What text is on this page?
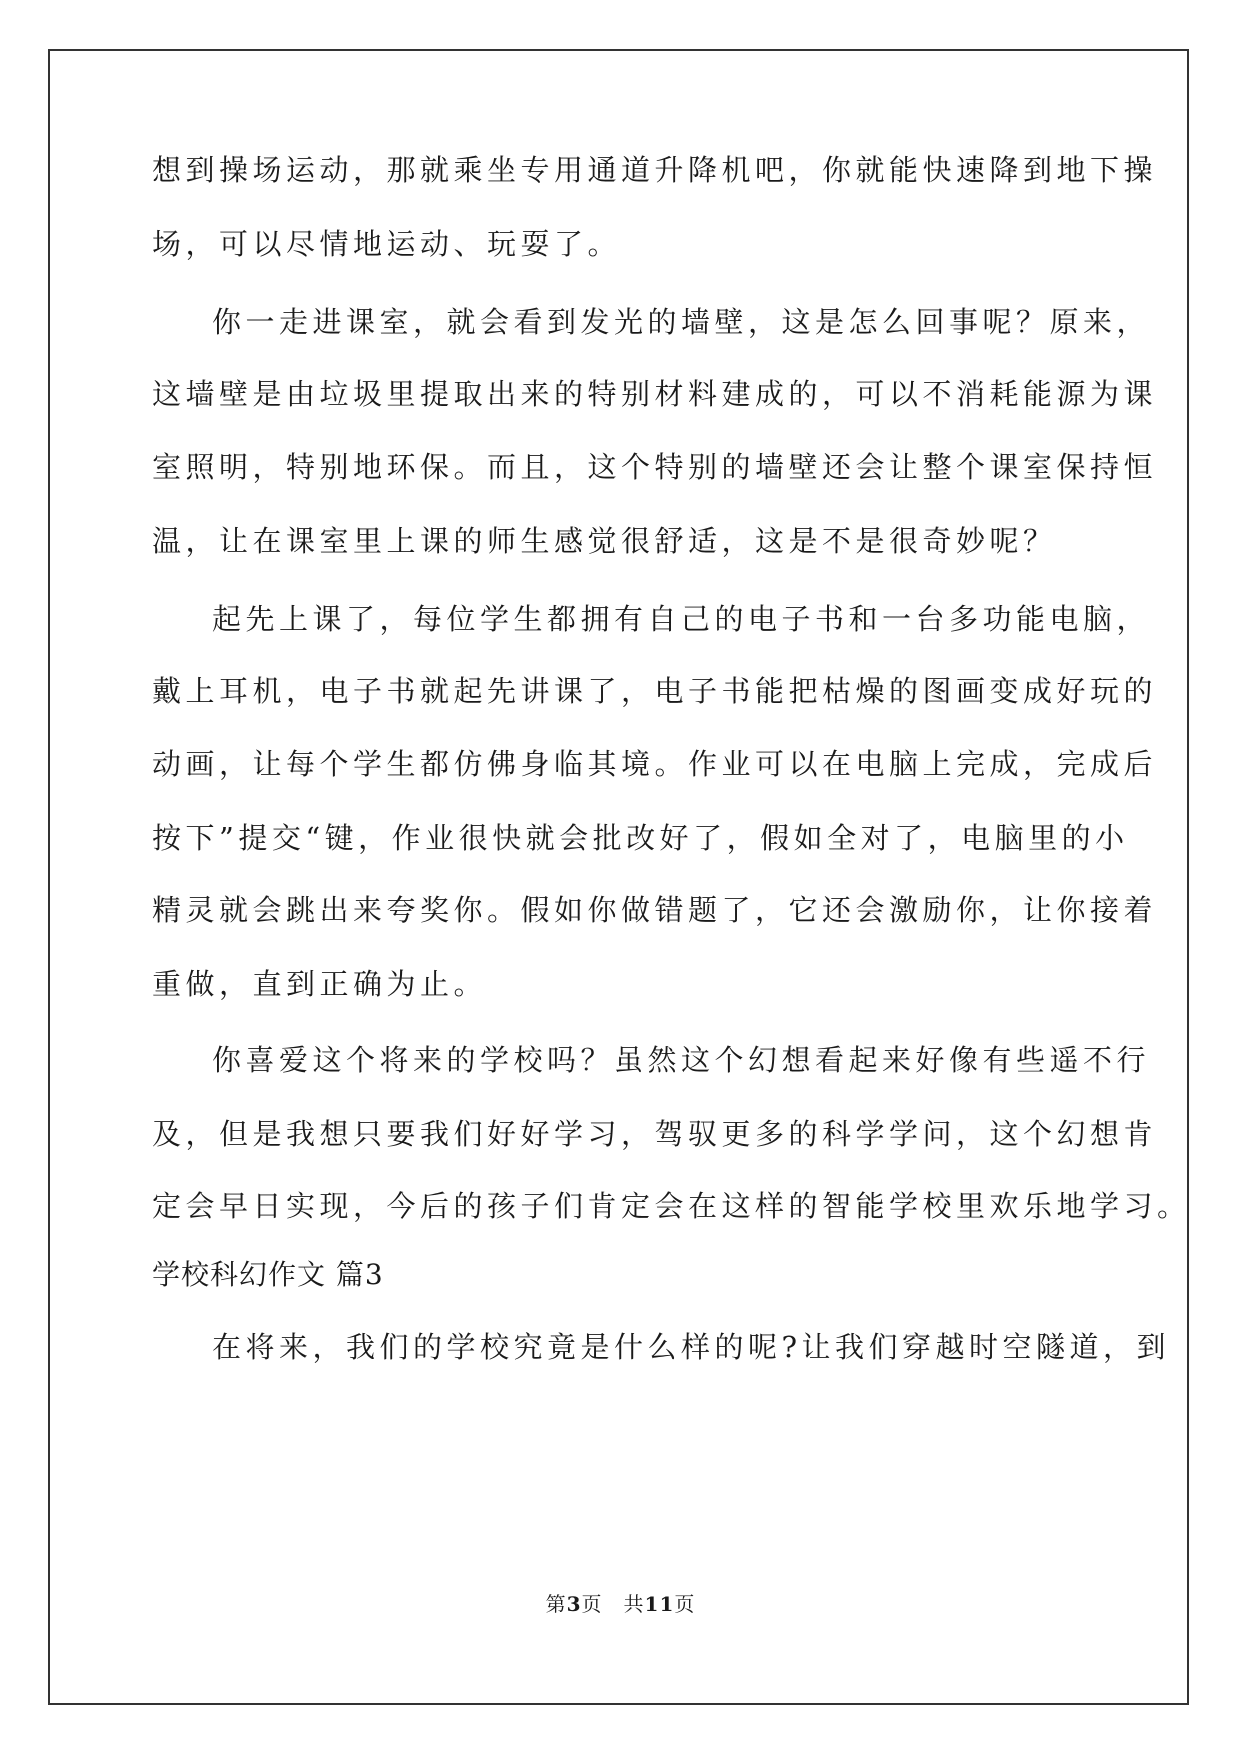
想到操场运动，那就乘坐专用通道升降机吧，你就能快速降到地下操
场，可以尽情地运动、玩耍了。
你一走进课室，就会看到发光的墙壁，这是怎么回事呢？原来，
这墙壁是由垃圾里提取出来的特别材料建成的，可以不消耗能源为课
室照明，特别地环保。而且，这个特别的墙壁还会让整个课室保持恒
温，让在课室里上课的师生感觉很舒适，这是不是很奇妙呢？
起先上课了，每位学生都拥有自己的电子书和一台多功能电脑，
戴上耳机，电子书就起先讲课了，电子书能把枯燥的图画变成好玩的
动画，让每个学生都仿佛身临其境。作业可以在电脑上完成，完成后
按下”提交“键，作业很快就会批改好了，假如全对了，电脑里的小
精灵就会跳出来夸奖你。假如你做错题了，它还会激励你，让你接着
重做，直到正确为止。
你喜爱这个将来的学校吗？虽然这个幻想看起来好像有些遥不行
及，但是我想只要我们好好学习，驾驭更多的科学学问，这个幻想肯
定会早日实现，今后的孩子们肯定会在这样的智能学校里欢乐地学习。
学校科幻作文 篇3
在将来，我们的学校究竟是什么样的呢?让我们穿越时空隧道，到
第3页　共11页
